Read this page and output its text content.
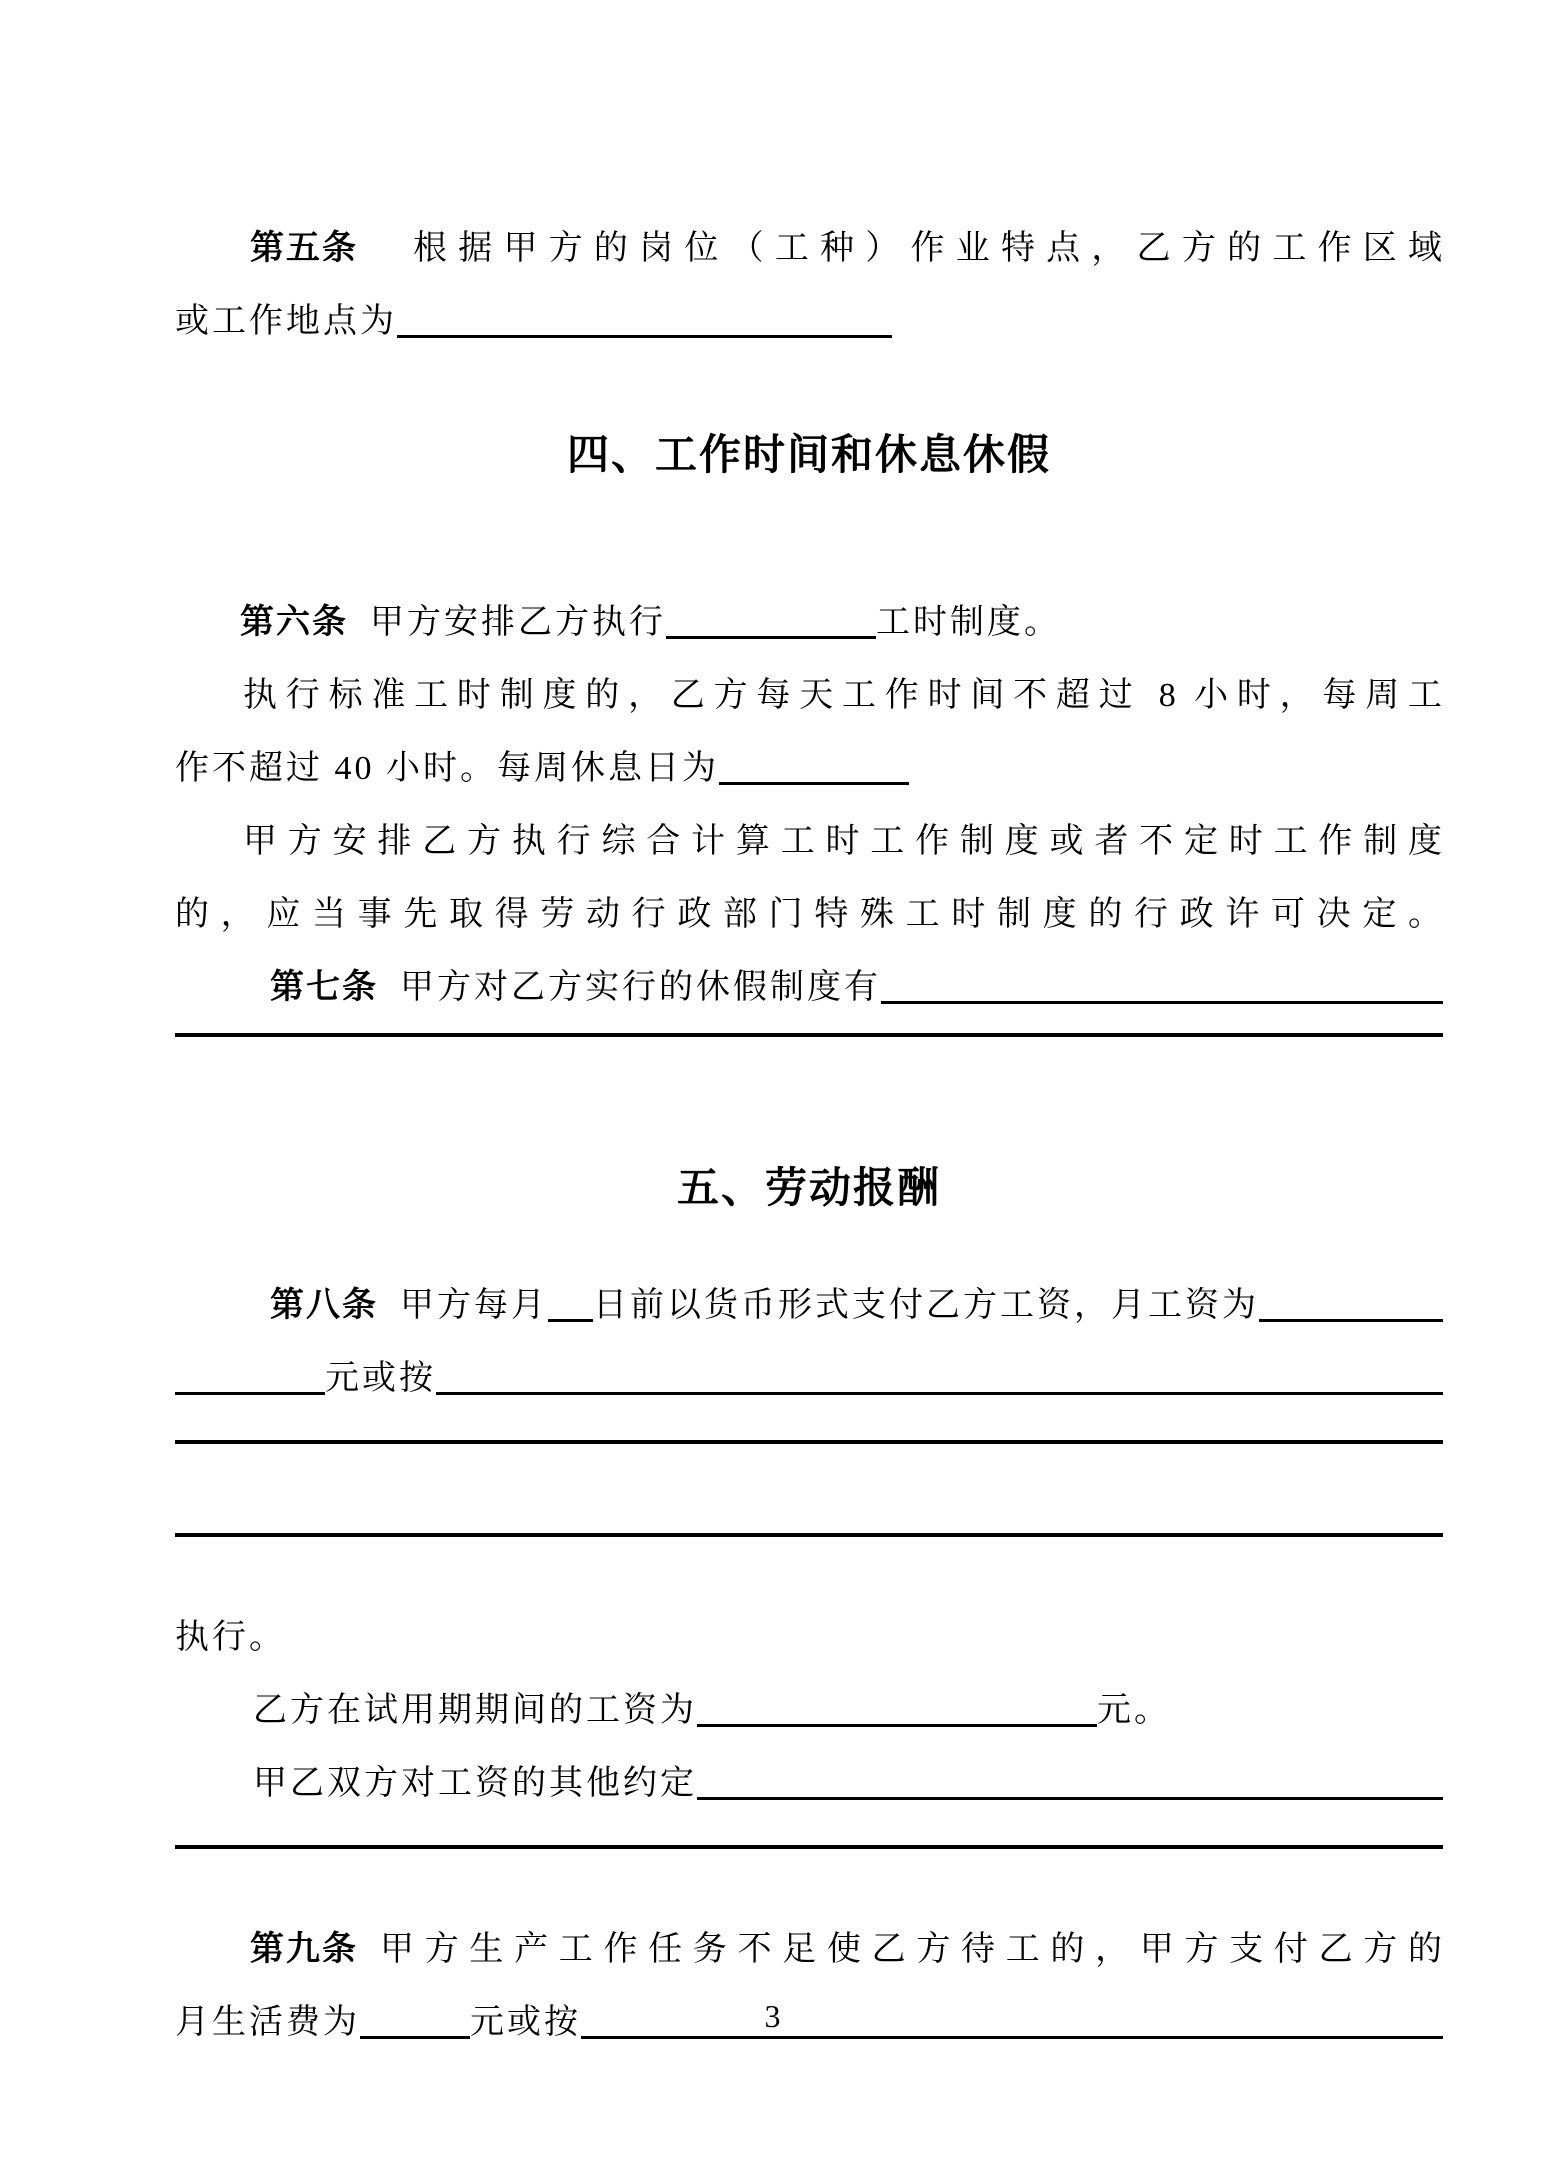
第五条 根据甲方的岗位（工种）作业特点，乙方的工作区域
或工作地点为
四、工作时间和休息休假
第六条 甲方安排乙方执行	工时制度。
执行标准工时制度的，乙方每天工作时间不超过 8 小时，每周工
作不超过 40 小时。每周休息日为
甲方安排乙方执行综合计算工时工作制度或者不定时工作制度
的，应当事先取得劳动行政部门特殊工时制度的行政许可决定。
第七条 甲方对乙方实行的休假制度有
五、劳动报酬
第八条 甲方每月 日前以货币形式支付乙方工资，月工资为
元或按
执行。
乙方在试用期期间的工资为	元。
甲乙双方对工资的其他约定
第九条 甲方生产工作任务不足使乙方待工的，甲方支付乙方的
月生活费为	元或按	3
